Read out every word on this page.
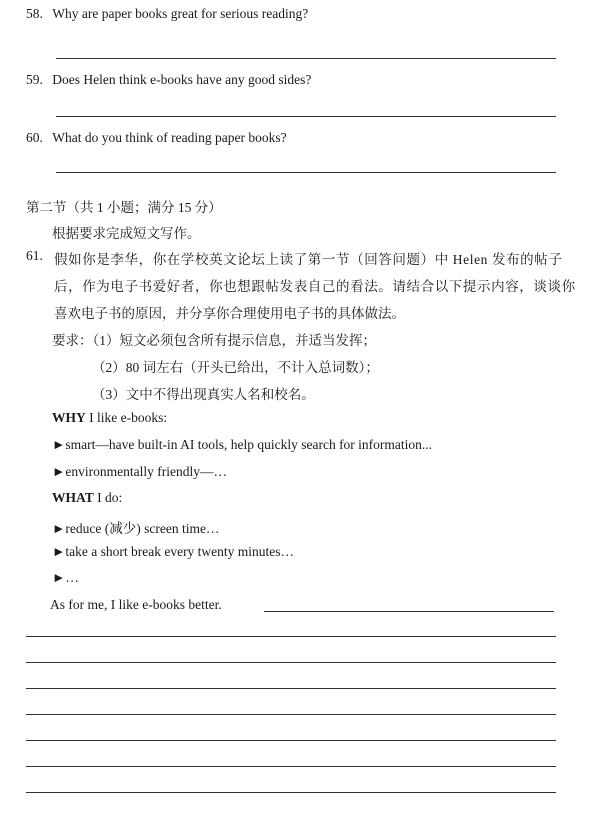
58. Why are paper books great for serious reading?
59. Does Helen think e-books have any good sides?
60. What do you think of reading paper books?
第二节（共 1 小题；满分 15 分）
根据要求完成短文写作。
61. 假如你是李华，你在学校英文论坛上读了第一节（回答问题）中 Helen 发布的帖子
后，作为电子书爱好者，你也想跟帖发表自己的看法。请结合以下提示内容，谈谈你
喜欢电子书的原因，并分享你合理使用电子书的具体做法。
要求：（1）短文必须包含所有提示信息，并适当发挥；
（2）80 词左右（开头已给出，不计入总词数）；
（3）文中不得出现真实人名和校名。
WHY I like e-books:
►smart—have built-in AI tools, help quickly search for information...
►environmentally friendly—…
WHAT I do:
►reduce (减少) screen time…
►take a short break every twenty minutes…
►…
As for me, I like e-books better.
